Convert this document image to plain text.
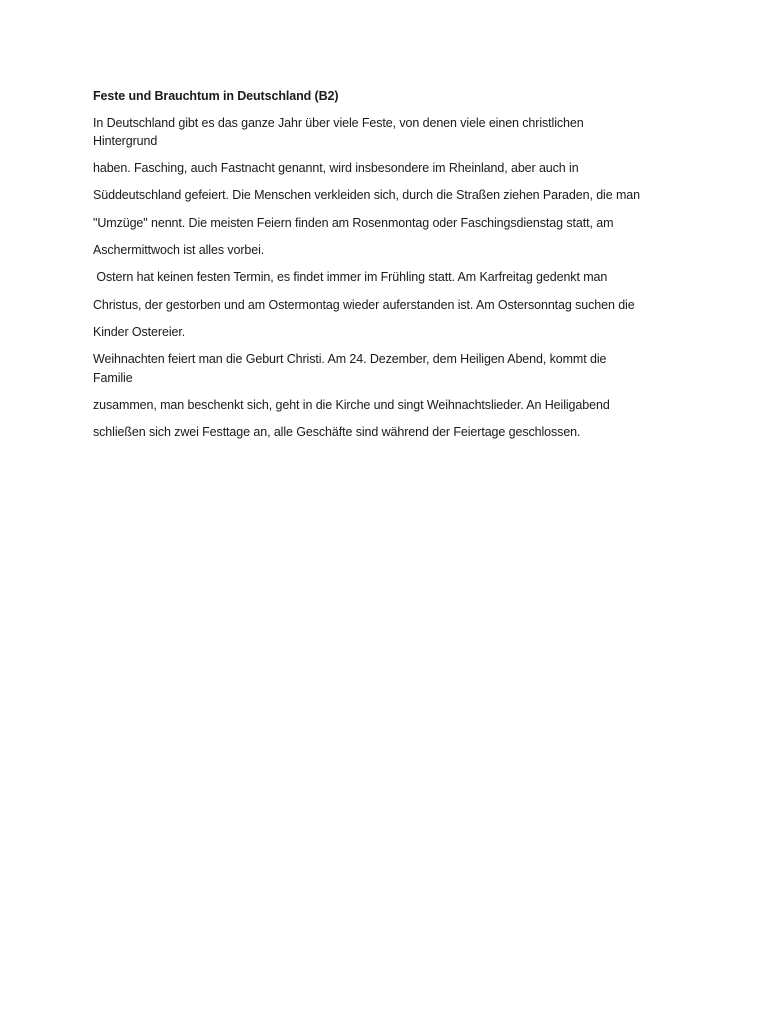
Feste und Brauchtum in Deutschland (B2)
In Deutschland gibt es das ganze Jahr über viele Feste, von denen viele einen christlichen
Hintergrund
haben. Fasching, auch Fastnacht genannt, wird insbesondere im Rheinland, aber auch in
Süddeutschland gefeiert. Die Menschen verkleiden sich, durch die Straßen ziehen Paraden, die man
"Umzüge" nennt. Die meisten Feiern finden am Rosenmontag oder Faschingsdienstag statt, am
Aschermittwoch ist alles vorbei.
Ostern hat keinen festen Termin, es findet immer im Frühling statt. Am Karfreitag gedenkt man
Christus, der gestorben und am Ostermontag wieder auferstanden ist. Am Ostersonntag suchen die
Kinder Ostereier.
Weihnachten feiert man die Geburt Christi. Am 24. Dezember, dem Heiligen Abend, kommt die
Familie
zusammen, man beschenkt sich, geht in die Kirche und singt Weihnachtslieder. An Heiligabend
schließen sich zwei Festtage an, alle Geschäfte sind während der Feiertage geschlossen.
